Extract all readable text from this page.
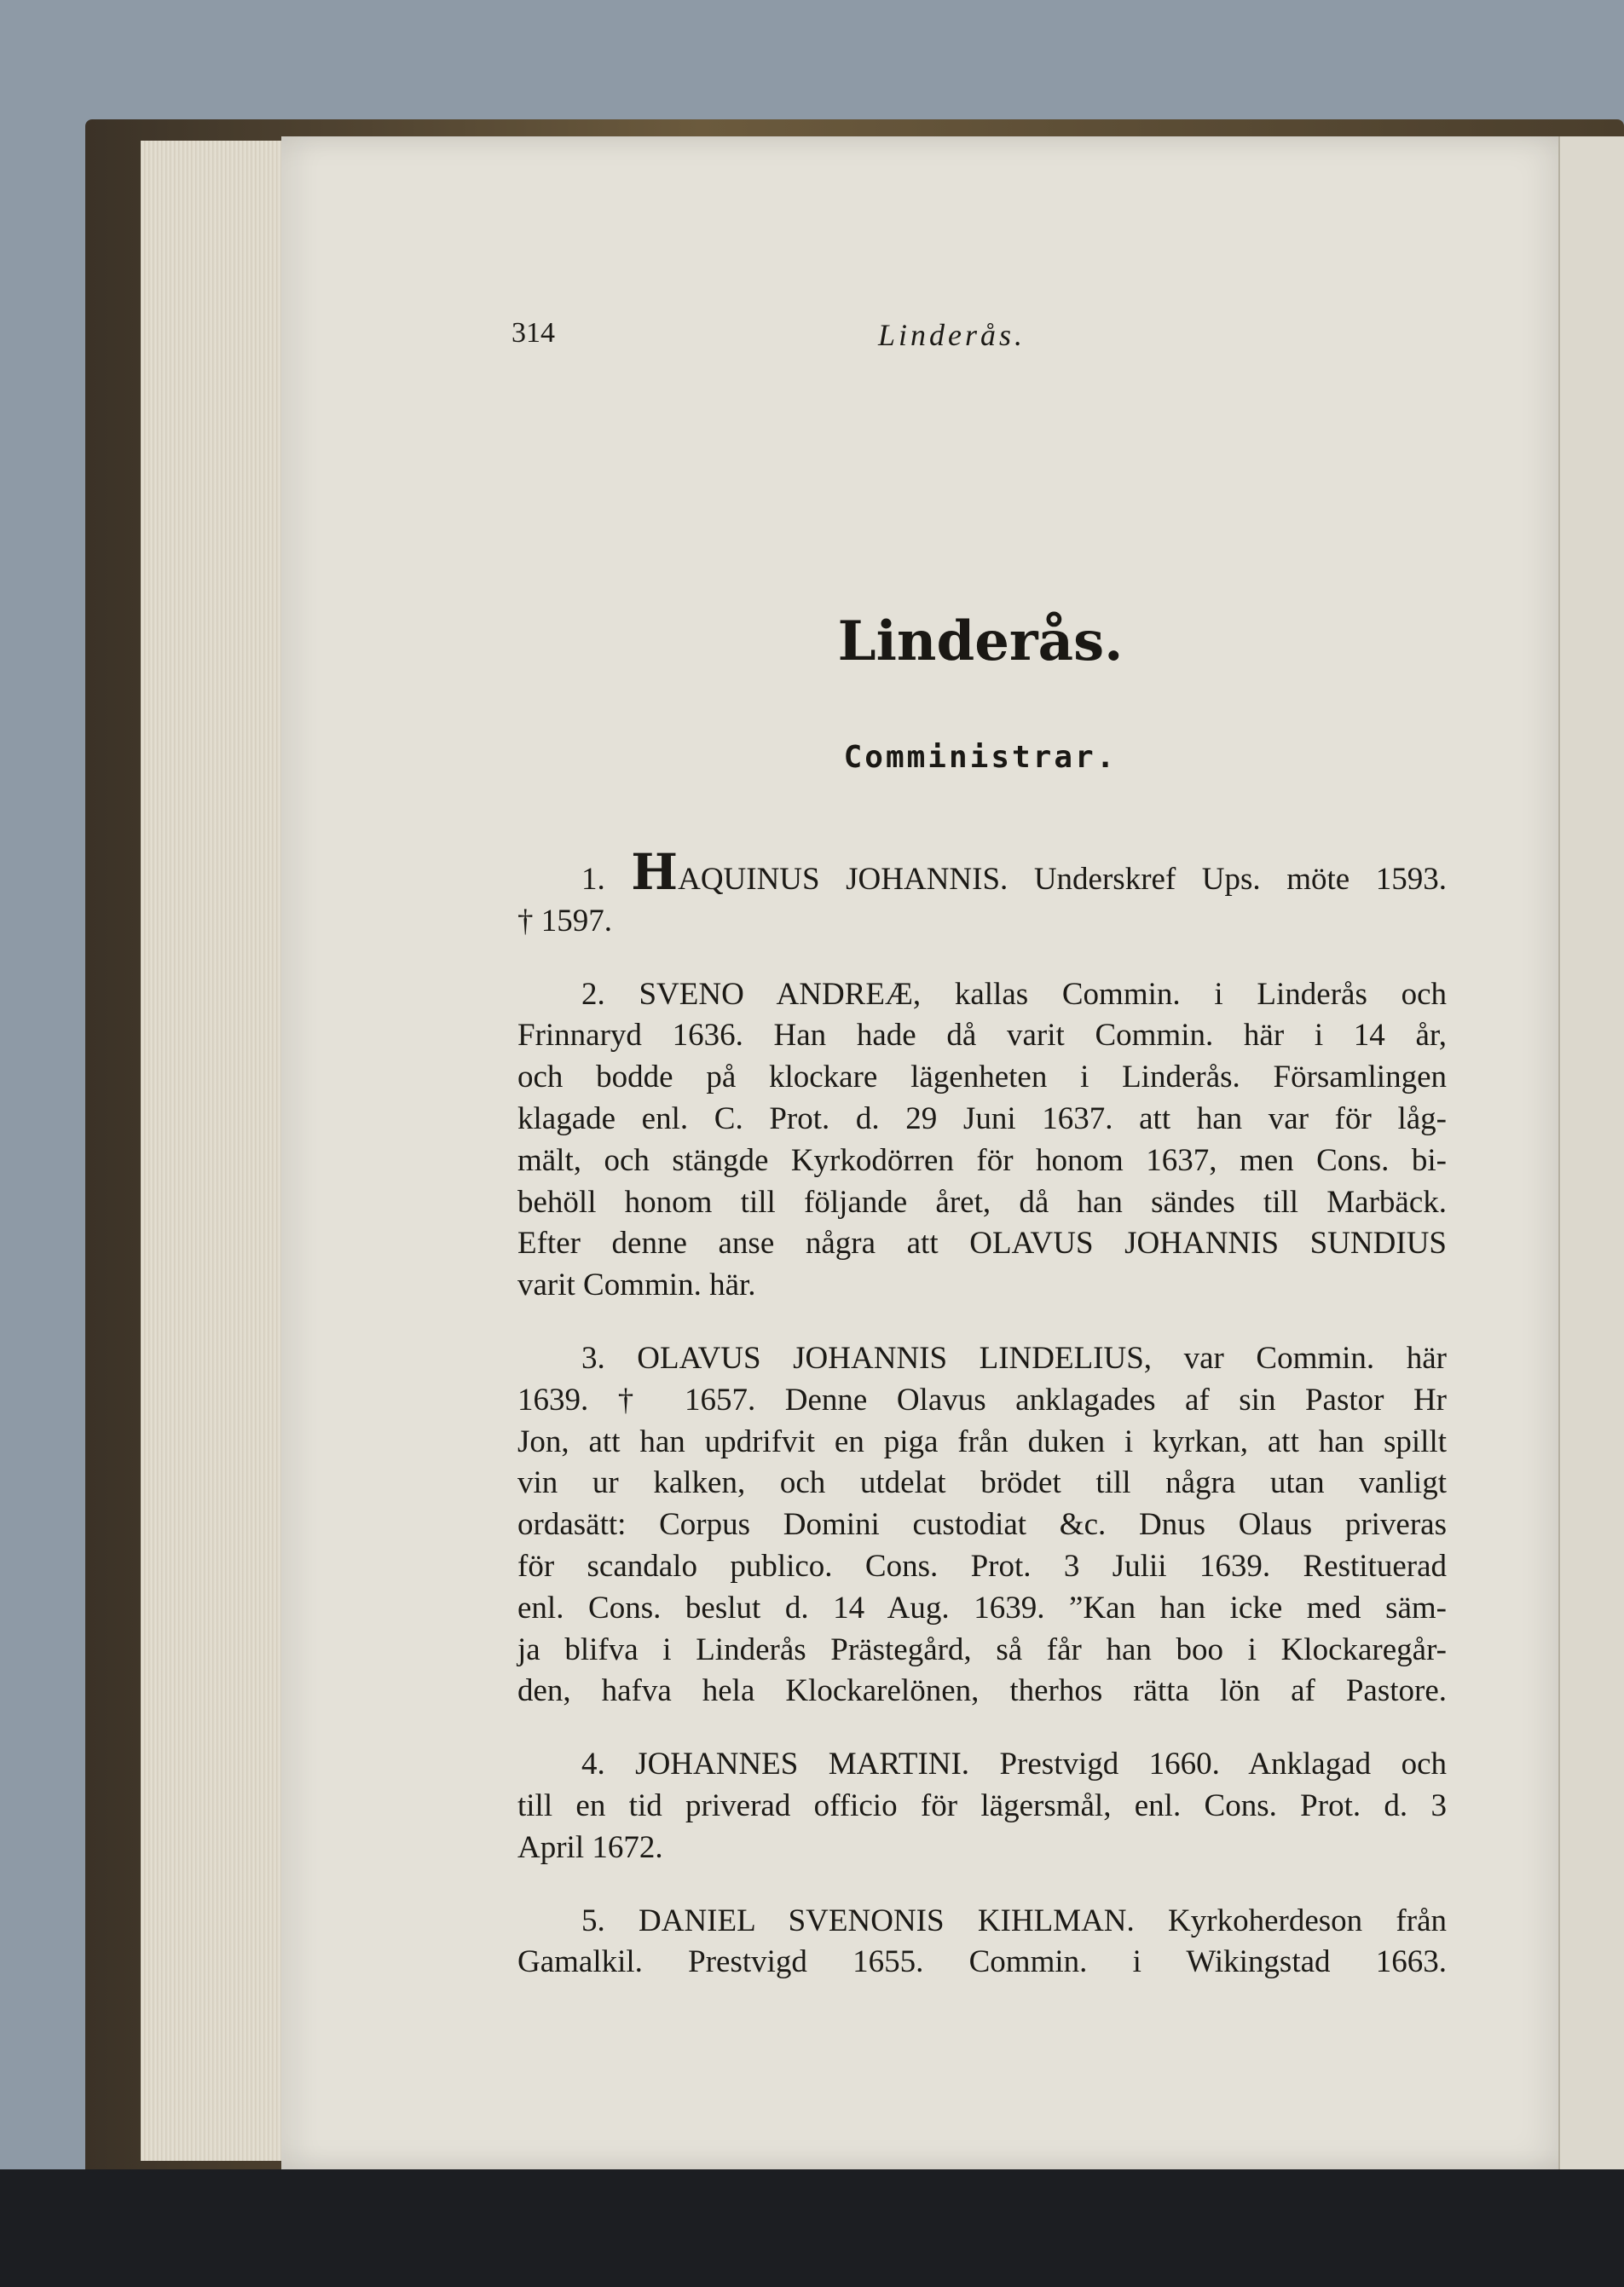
314	Linderås.
Linderås.
Comministrar.

1. HAQUINUS JOHANNIS. Underskref Ups. möte 1593.

† 1597.

2. SVENO ANDREÆ, kallas Commin. i Linderås och

Frinnaryd 1636. Han hade då varit Commin. här i 14 år,

och bodde på klockare lägenheten i Linderås. Församlingen

klagade enl. C. Prot. d. 29 Juni 1637. att han var för låg-

mält, och stängde Kyrkodörren för honom 1637, men Cons. bi-

behöll honom till följande året, då han sändes till Marbäck.

Efter denne anse några att OLAVUS JOHANNIS SUNDIUS

varit Commin. här.

3. OLAVUS JOHANNIS LINDELIUS, var Commin. här

1639. † 1657. Denne Olavus anklagades af sin Pastor Hr

Jon, att han updrifvit en piga från duken i kyrkan, att han spillt

vin ur kalken, och utdelat brödet till några utan vanligt

ordasätt: Corpus Domini custodiat &c. Dnus Olaus priveras

för scandalo publico. Cons. Prot. 3 Julii 1639. Restituerad

enl. Cons. beslut d. 14 Aug. 1639. ”Kan han icke med säm-

ja blifva i Linderås Prästegård, så får han boo i Klockaregår-

den, hafva hela Klockarelönen, therhos rätta lön af Pastore.

4. JOHANNES MARTINI. Prestvigd 1660. Anklagad och

till en tid priverad officio för lägersmål, enl. Cons. Prot. d. 3

April 1672.

5. DANIEL SVENONIS KIHLMAN. Kyrkoherdeson från

Gamalkil. Prestvigd 1655. Commin. i Wikingstad 1663.
